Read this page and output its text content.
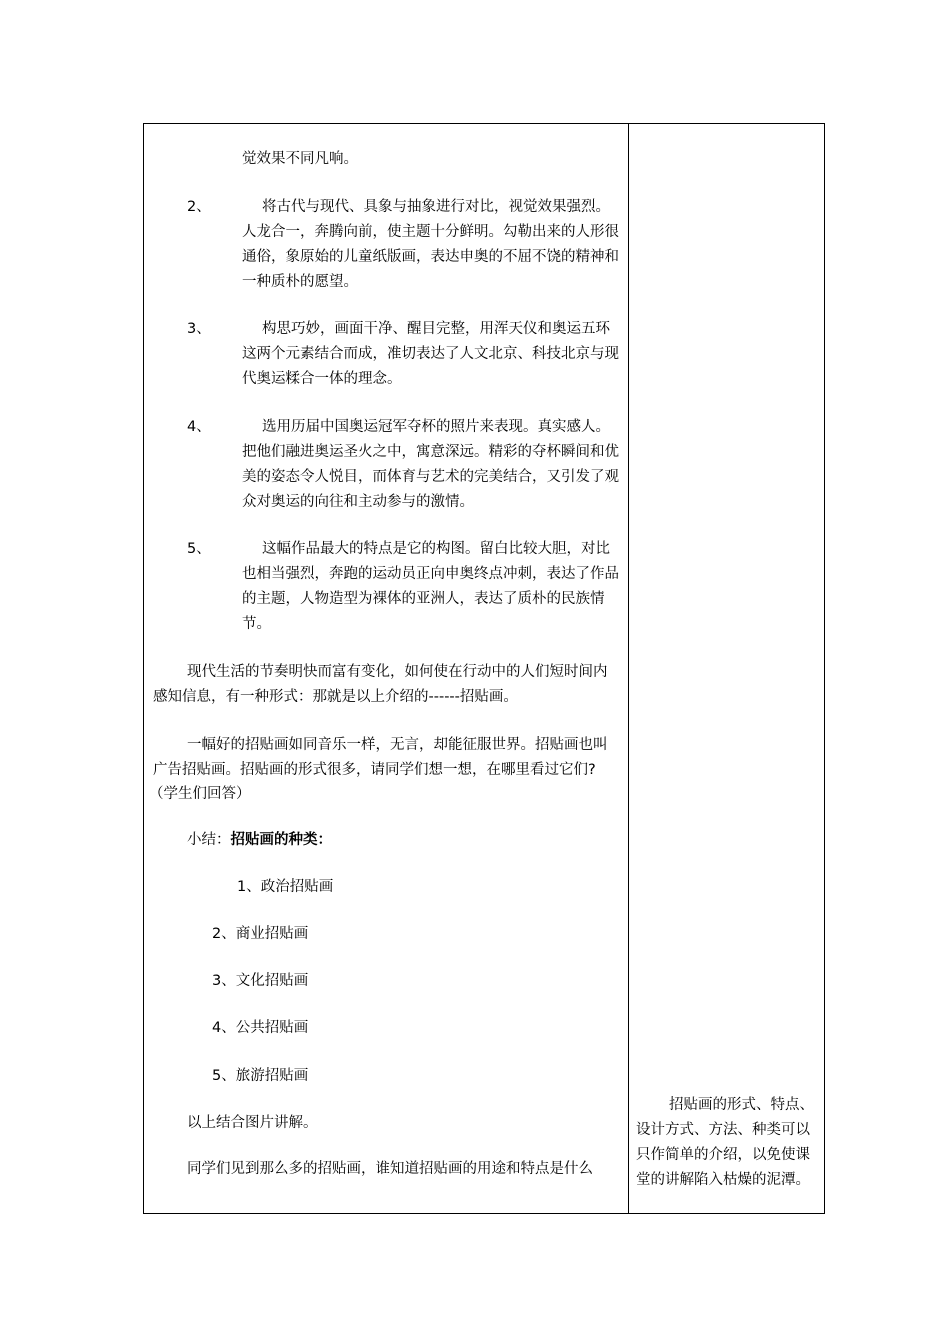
觉效果不同凡响。
2、	将古代与现代、具象与抽象进行对比，视觉效果强烈。
人龙合一，奔腾向前，使主题十分鲜明。勾勒出来的人形很
通俗，象原始的儿童纸版画，表达申奥的不屈不饶的精神和
一种质朴的愿望。
3、	构思巧妙，画面干净、醒目完整，用浑天仪和奥运五环
这两个元素结合而成，准切表达了人文北京、科技北京与现
代奥运糅合一体的理念。
4、	选用历届中国奥运冠军夺杯的照片来表现。真实感人。
把他们融进奥运圣火之中，寓意深远。精彩的夺杯瞬间和优
美的姿态令人悦目，而体育与艺术的完美结合，又引发了观
众对奥运的向往和主动参与的激情。
5、	这幅作品最大的特点是它的构图。留白比较大胆，对比
也相当强烈，奔跑的运动员正向申奥终点冲刺，表达了作品
的主题，人物造型为裸体的亚洲人，表达了质朴的民族情
节。
现代生活的节奏明快而富有变化，如何使在行动中的人们短时间内
感知信息，有一种形式：那就是以上介绍的------招贴画。
一幅好的招贴画如同音乐一样，无言，却能征服世界。招贴画也叫
广告招贴画。招贴画的形式很多，请同学们想一想，在哪里看过它们?
（学生们回答）
小结：招贴画的种类：
1、政治招贴画
2、商业招贴画
3、文化招贴画
4、公共招贴画
5、旅游招贴画
以上结合图片讲解。
同学们见到那么多的招贴画，谁知道招贴画的用途和特点是什么
招贴画的形式、特点、
设计方式、方法、种类可以
只作简单的介绍，以免使课
堂的讲解陷入枯燥的泥潭。
